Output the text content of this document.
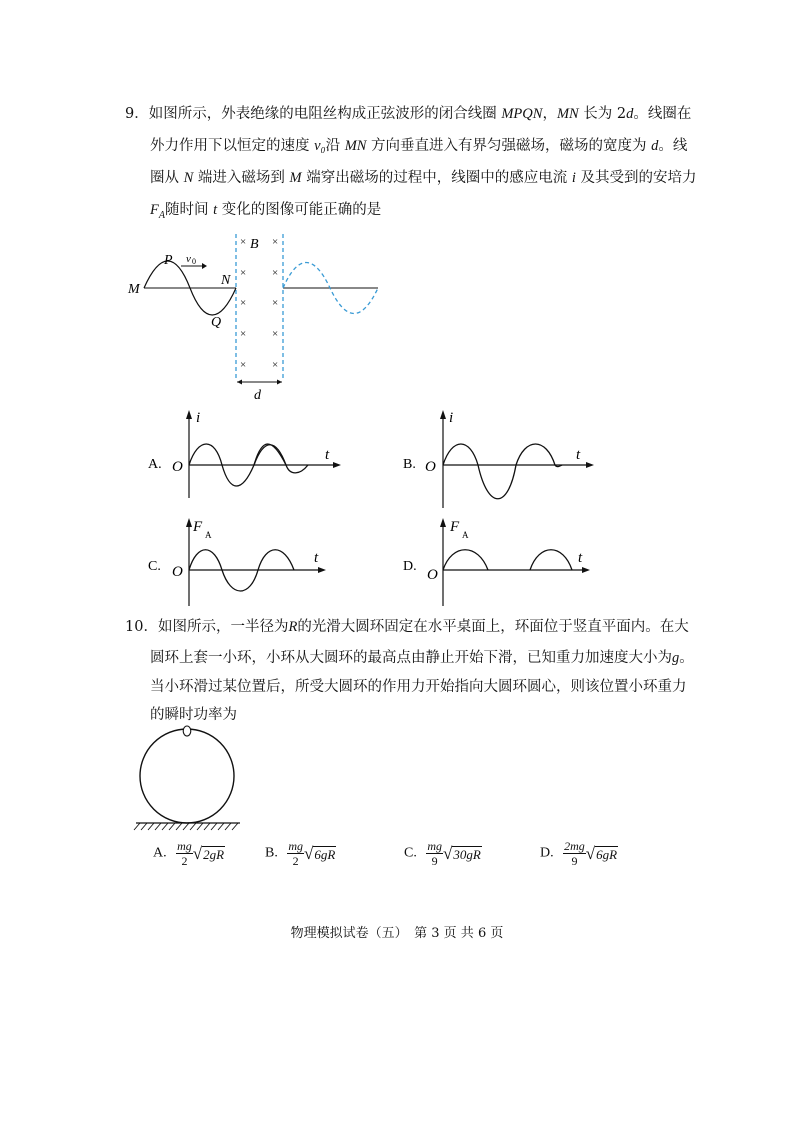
9．如图所示，外表绝缘的电阻丝构成正弦波形的闭合线圈 MPQN，MN 长为 2d。线圈在
外力作用下以恒定的速度 v₀沿 MN 方向垂直进入有界匀强磁场，磁场的宽度为 d。线
圈从 N 端进入磁场到 M 端穿出磁场的过程中，线圈中的感应电流 i 及其受到的安培力
$F_A$随时间 t 变化的图像可能正确的是
× ×
× ×
× ×
× ×
× ×
B
P v 0
N
M
Q
d
A.
i
t
O	B.
i
t
O
C.
F A
t
O	D.
F A
t
O
10．如图所示，一半径为R的光滑大圆环固定在水平桌面上，环面位于竖直平面内。在大
圆环上套一小环，小环从大圆环的最高点由静止开始下滑，已知重力加速度大小为g。
当小环滑过某位置后，所受大圆环的作用力开始指向大圆环圆心，则该位置小环重力
的瞬时功率为
A. $\frac{mg}{2} √2gR$	B. $\frac{mg}{2} √6gR$	C. $\frac{mg}{9} √30gR$	D. $\frac{2mg}{9} √6gR$
物理模拟试卷（五）　第 3 页 共 6 页
